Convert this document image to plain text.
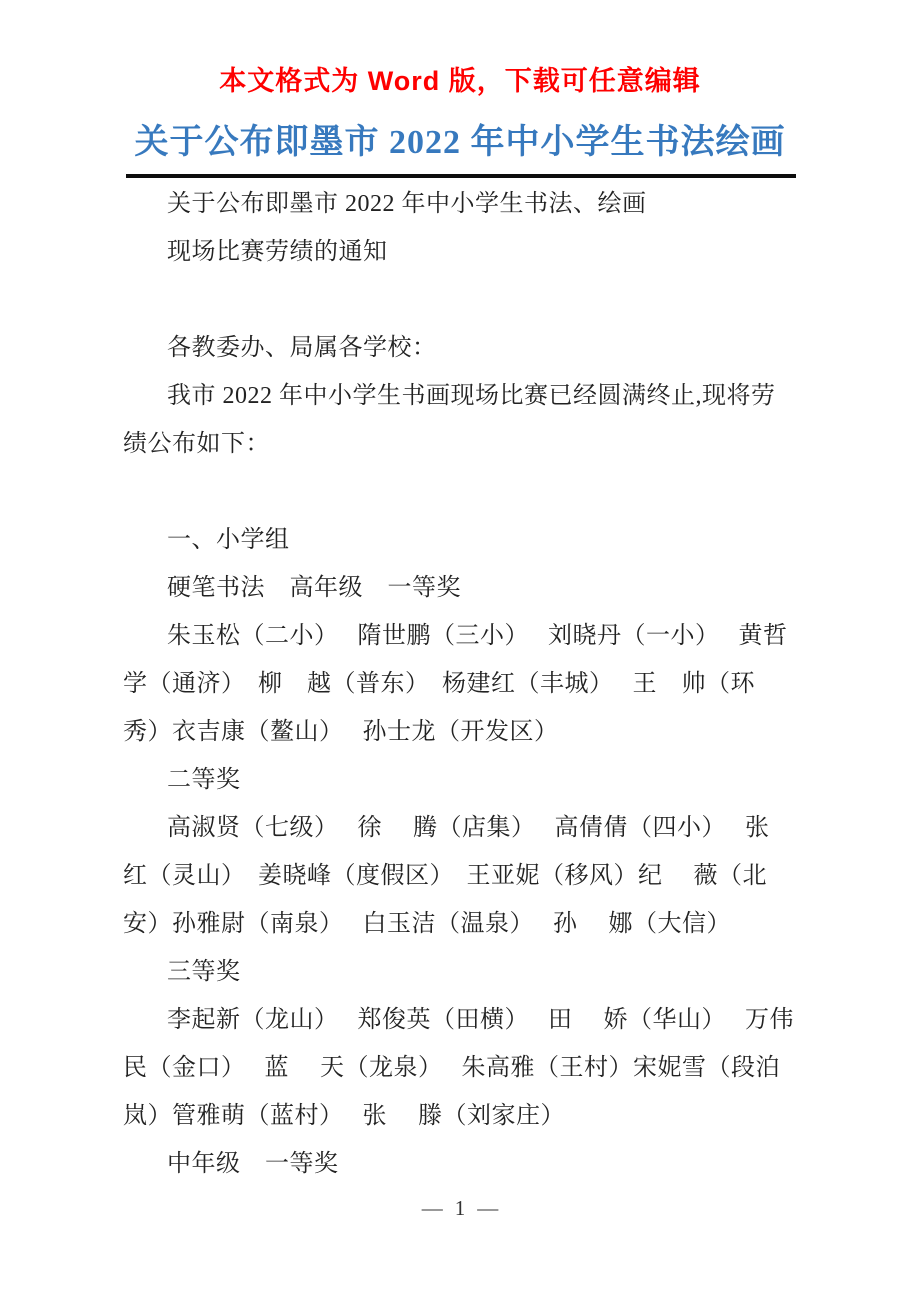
本文格式为 Word 版，下载可任意编辑
关于公布即墨市 2022 年中小学生书法绘画
关于公布即墨市 2022 年中小学生书法、绘画
现场比赛劳绩的通知
各教委办、局属各学校：
我市 2022 年中小学生书画现场比赛已经圆满终止,现将劳
绩公布如下：
一、小学组
硬笔书法　高年级　一等奖
朱玉松（二小）　 隋世鹏（三小）　 刘晓丹（一小）　 黄哲
学（通济）　柳　越（普东）　杨建红（丰城）　 王　帅（环
秀）衣吉康（鳌山）　 孙士龙（开发区）
二等奖
高淑贤（七级）　 徐　 腾（店集）　 高倩倩（四小）　 张
红（灵山）　姜晓峰（度假区）　王亚妮（移风）纪　 薇（北
安）孙雅尉（南泉）　 白玉洁（温泉）　 孙　 娜（大信）
三等奖
李起新（龙山）　 郑俊英（田横）　 田　 娇（华山）　 万伟
民（金口）　 蓝　 天（龙泉）　 朱高雅（王村）宋妮雪（段泊
岚）管雅萌（蓝村）　 张　 滕（刘家庄）
中年级　一等奖
— 1 —
